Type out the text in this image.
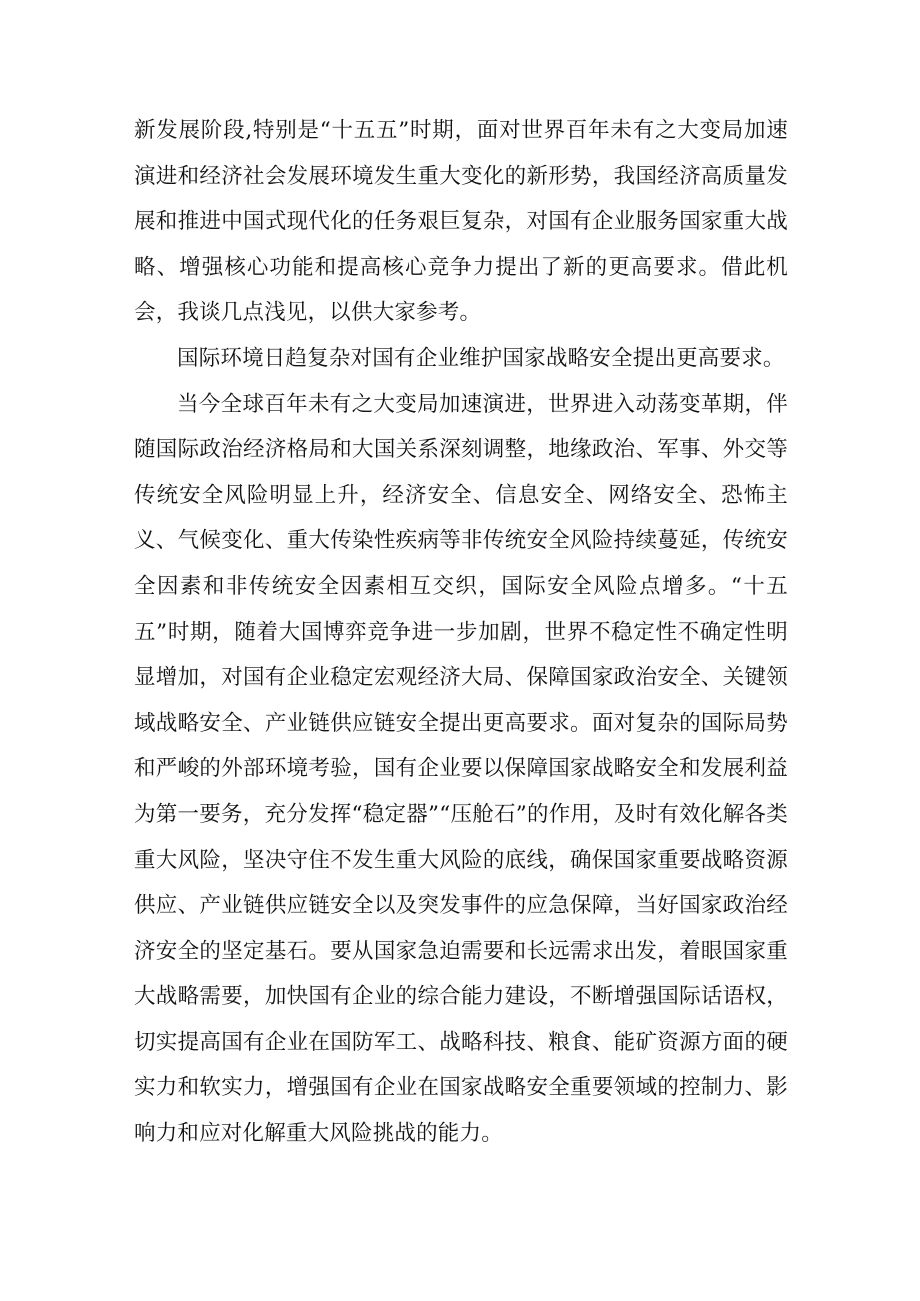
新发展阶段,特别是“十五五”时期，面对世界百年未有之大变局加速演进和经济社会发展环境发生重大变化的新形势，我国经济高质量发展和推进中国式现代化的任务艰巨复杂，对国有企业服务国家重大战略、增强核心功能和提高核心竞争力提出了新的更高要求。借此机会，我谈几点浅见，以供大家参考。

国际环境日趋复杂对国有企业维护国家战略安全提出更高要求。

当今全球百年未有之大变局加速演进，世界进入动荡变革期，伴随国际政治经济格局和大国关系深刻调整，地缘政治、军事、外交等传统安全风险明显上升，经济安全、信息安全、网络安全、恐怖主义、气候变化、重大传染性疾病等非传统安全风险持续蔓延，传统安全因素和非传统安全因素相互交织，国际安全风险点增多。“十五五”时期，随着大国博弈竞争进一步加剧，世界不稳定性不确定性明显增加，对国有企业稳定宏观经济大局、保障国家政治安全、关键领域战略安全、产业链供应链安全提出更高要求。面对复杂的国际局势和严峻的外部环境考验，国有企业要以保障国家战略安全和发展利益为第一要务，充分发挥“稳定器”“压舱石”的作用，及时有效化解各类重大风险，坚决守住不发生重大风险的底线，确保国家重要战略资源供应、产业链供应链安全以及突发事件的应急保障，当好国家政治经济安全的坚定基石。要从国家急迫需要和长远需求出发，着眼国家重大战略需要，加快国有企业的综合能力建设，不断增强国际话语权，切实提高国有企业在国防军工、战略科技、粮食、能矿资源方面的硬实力和软实力，增强国有企业在国家战略安全重要领域的控制力、影响力和应对化解重大风险挑战的能力。
